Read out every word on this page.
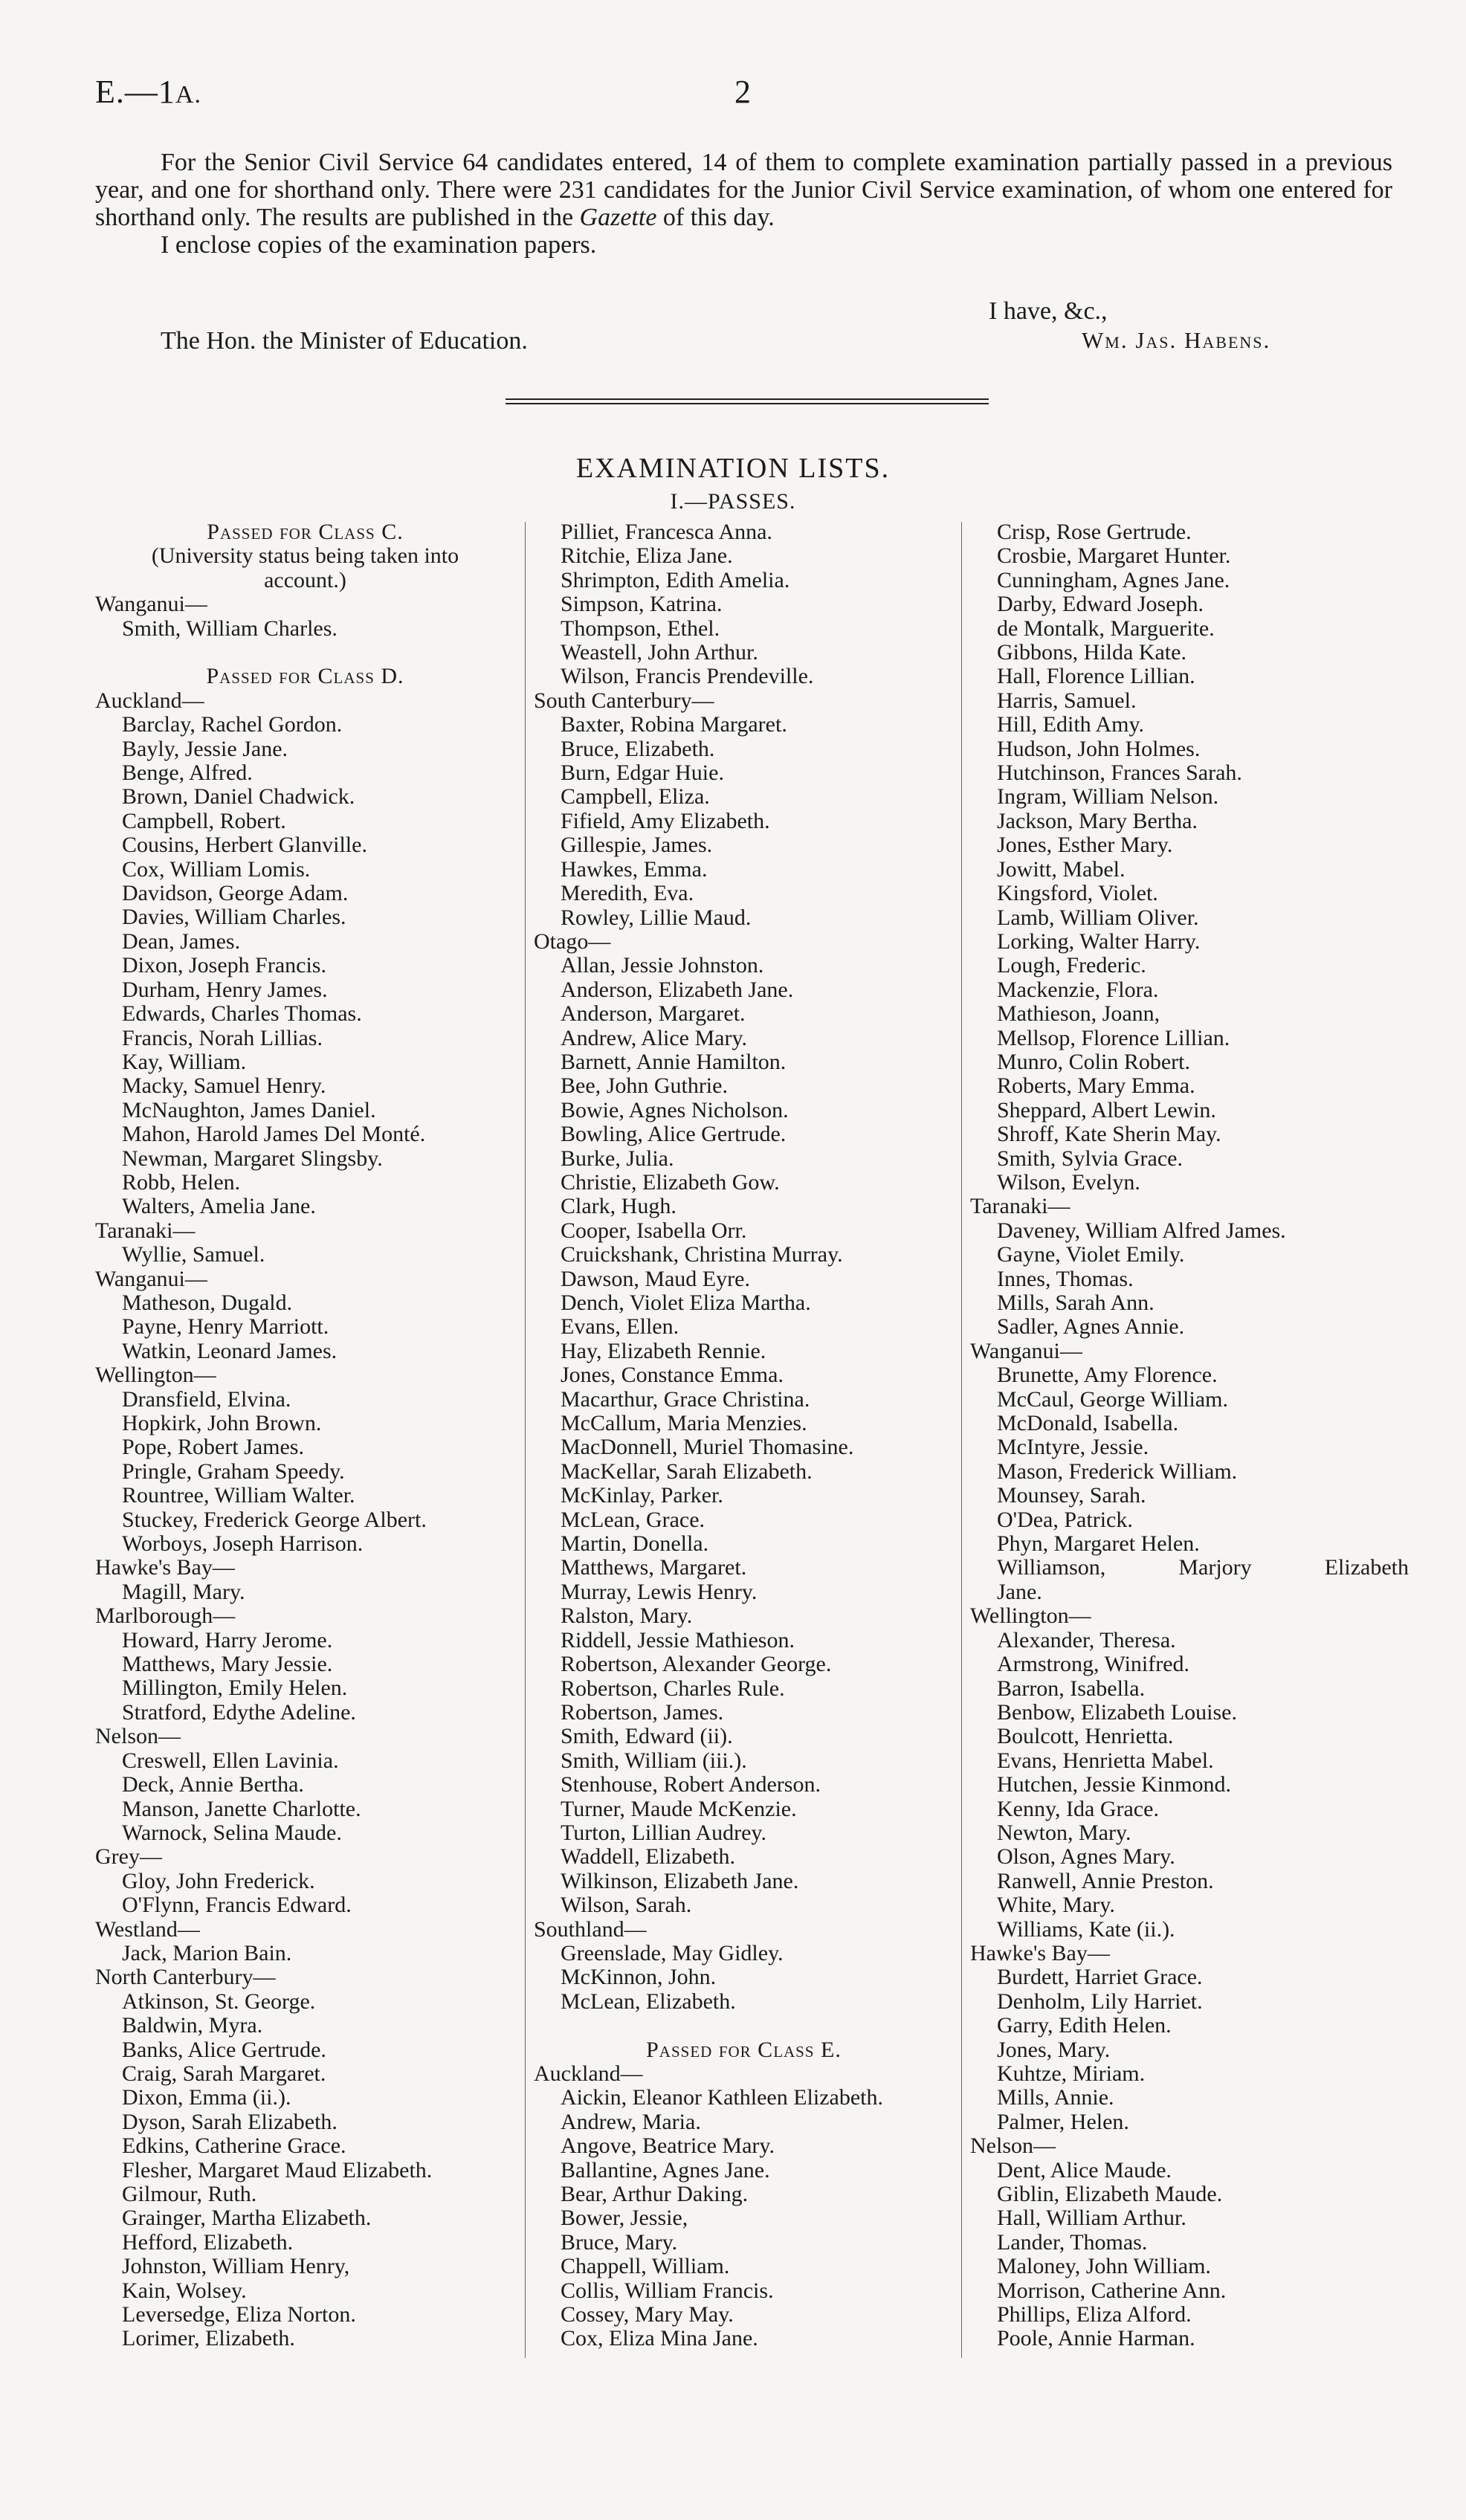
E.—1A.	2

For the Senior Civil Service 64 candidates entered, 14 of them to complete examination partially passed in a previous year, and one for shorthand only. There were 231 candidates for the Junior Civil Service examination, of whom one entered for shorthand only. The results are published in the Gazette of this day.

I enclose copies of the examination papers.

I have, &c.,
The Hon. the Minister of Education.	Wm. Jas. Habens.
EXAMINATION LISTS.
I.—PASSES.
Passed for Class C.
(University status being taken into
account.)
Wanganui—
Smith, William Charles.
Passed for Class D.
Auckland—
Barclay, Rachel Gordon.
Bayly, Jessie Jane.
Benge, Alfred.
Brown, Daniel Chadwick.
Campbell, Robert.
Cousins, Herbert Glanville.
Cox, William Lomis.
Davidson, George Adam.
Davies, William Charles.
Dean, James.
Dixon, Joseph Francis.
Durham, Henry James.
Edwards, Charles Thomas.
Francis, Norah Lillias.
Kay, William.
Macky, Samuel Henry.
McNaughton, James Daniel.
Mahon, Harold James Del Monté.
Newman, Margaret Slingsby.
Robb, Helen.
Walters, Amelia Jane.
Taranaki—
Wyllie, Samuel.
Wanganui—
Matheson, Dugald.
Payne, Henry Marriott.
Watkin, Leonard James.
Wellington—
Dransfield, Elvina.
Hopkirk, John Brown.
Pope, Robert James.
Pringle, Graham Speedy.
Rountree, William Walter.
Stuckey, Frederick George Albert.
Worboys, Joseph Harrison.
Hawke's Bay—
Magill, Mary.
Marlborough—
Howard, Harry Jerome.
Matthews, Mary Jessie.
Millington, Emily Helen.
Stratford, Edythe Adeline.
Nelson—
Creswell, Ellen Lavinia.
Deck, Annie Bertha.
Manson, Janette Charlotte.
Warnock, Selina Maude.
Grey—
Gloy, John Frederick.
O'Flynn, Francis Edward.
Westland—
Jack, Marion Bain.
North Canterbury—
Atkinson, St. George.
Baldwin, Myra.
Banks, Alice Gertrude.
Craig, Sarah Margaret.
Dixon, Emma (ii.).
Dyson, Sarah Elizabeth.
Edkins, Catherine Grace.
Flesher, Margaret Maud Elizabeth.
Gilmour, Ruth.
Grainger, Martha Elizabeth.
Hefford, Elizabeth.
Johnston, William Henry,
Kain, Wolsey.
Leversedge, Eliza Norton.
Lorimer, Elizabeth.
Pilliet, Francesca Anna.
Ritchie, Eliza Jane.
Shrimpton, Edith Amelia.
Simpson, Katrina.
Thompson, Ethel.
Weastell, John Arthur.
Wilson, Francis Prendeville.
South Canterbury—
Baxter, Robina Margaret.
Bruce, Elizabeth.
Burn, Edgar Huie.
Campbell, Eliza.
Fifield, Amy Elizabeth.
Gillespie, James.
Hawkes, Emma.
Meredith, Eva.
Rowley, Lillie Maud.
Otago—
Allan, Jessie Johnston.
Anderson, Elizabeth Jane.
Anderson, Margaret.
Andrew, Alice Mary.
Barnett, Annie Hamilton.
Bee, John Guthrie.
Bowie, Agnes Nicholson.
Bowling, Alice Gertrude.
Burke, Julia.
Christie, Elizabeth Gow.
Clark, Hugh.
Cooper, Isabella Orr.
Cruickshank, Christina Murray.
Dawson, Maud Eyre.
Dench, Violet Eliza Martha.
Evans, Ellen.
Hay, Elizabeth Rennie.
Jones, Constance Emma.
Macarthur, Grace Christina.
McCallum, Maria Menzies.
MacDonnell, Muriel Thomasine.
MacKellar, Sarah Elizabeth.
McKinlay, Parker.
McLean, Grace.
Martin, Donella.
Matthews, Margaret.
Murray, Lewis Henry.
Ralston, Mary.
Riddell, Jessie Mathieson.
Robertson, Alexander George.
Robertson, Charles Rule.
Robertson, James.
Smith, Edward (ii).
Smith, William (iii.).
Stenhouse, Robert Anderson.
Turner, Maude McKenzie.
Turton, Lillian Audrey.
Waddell, Elizabeth.
Wilkinson, Elizabeth Jane.
Wilson, Sarah.
Southland—
Greenslade, May Gidley.
McKinnon, John.
McLean, Elizabeth.
Passed for Class E.
Auckland—
Aickin, Eleanor Kathleen Elizabeth.
Andrew, Maria.
Angove, Beatrice Mary.
Ballantine, Agnes Jane.
Bear, Arthur Daking.
Bower, Jessie,
Bruce, Mary.
Chappell, William.
Collis, William Francis.
Cossey, Mary May.
Cox, Eliza Mina Jane.
Crisp, Rose Gertrude.
Crosbie, Margaret Hunter.
Cunningham, Agnes Jane.
Darby, Edward Joseph.
de Montalk, Marguerite.
Gibbons, Hilda Kate.
Hall, Florence Lillian.
Harris, Samuel.
Hill, Edith Amy.
Hudson, John Holmes.
Hutchinson, Frances Sarah.
Ingram, William Nelson.
Jackson, Mary Bertha.
Jones, Esther Mary.
Jowitt, Mabel.
Kingsford, Violet.
Lamb, William Oliver.
Lorking, Walter Harry.
Lough, Frederic.
Mackenzie, Flora.
Mathieson, Joann,
Mellsop, Florence Lillian.
Munro, Colin Robert.
Roberts, Mary Emma.
Sheppard, Albert Lewin.
Shroff, Kate Sherin May.
Smith, Sylvia Grace.
Wilson, Evelyn.
Taranaki—
Daveney, William Alfred James.
Gayne, Violet Emily.
Innes, Thomas.
Mills, Sarah Ann.
Sadler, Agnes Annie.
Wanganui—
Brunette, Amy Florence.
McCaul, George William.
McDonald, Isabella.
McIntyre, Jessie.
Mason, Frederick William.
Mounsey, Sarah.
O'Dea, Patrick.
Phyn, Margaret Helen.
Williamson, Marjory Elizabeth
Jane.
Wellington—
Alexander, Theresa.
Armstrong, Winifred.
Barron, Isabella.
Benbow, Elizabeth Louise.
Boulcott, Henrietta.
Evans, Henrietta Mabel.
Hutchen, Jessie Kinmond.
Kenny, Ida Grace.
Newton, Mary.
Olson, Agnes Mary.
Ranwell, Annie Preston.
White, Mary.
Williams, Kate (ii.).
Hawke's Bay—
Burdett, Harriet Grace.
Denholm, Lily Harriet.
Garry, Edith Helen.
Jones, Mary.
Kuhtze, Miriam.
Mills, Annie.
Palmer, Helen.
Nelson—
Dent, Alice Maude.
Giblin, Elizabeth Maude.
Hall, William Arthur.
Lander, Thomas.
Maloney, John William.
Morrison, Catherine Ann.
Phillips, Eliza Alford.
Poole, Annie Harman.
